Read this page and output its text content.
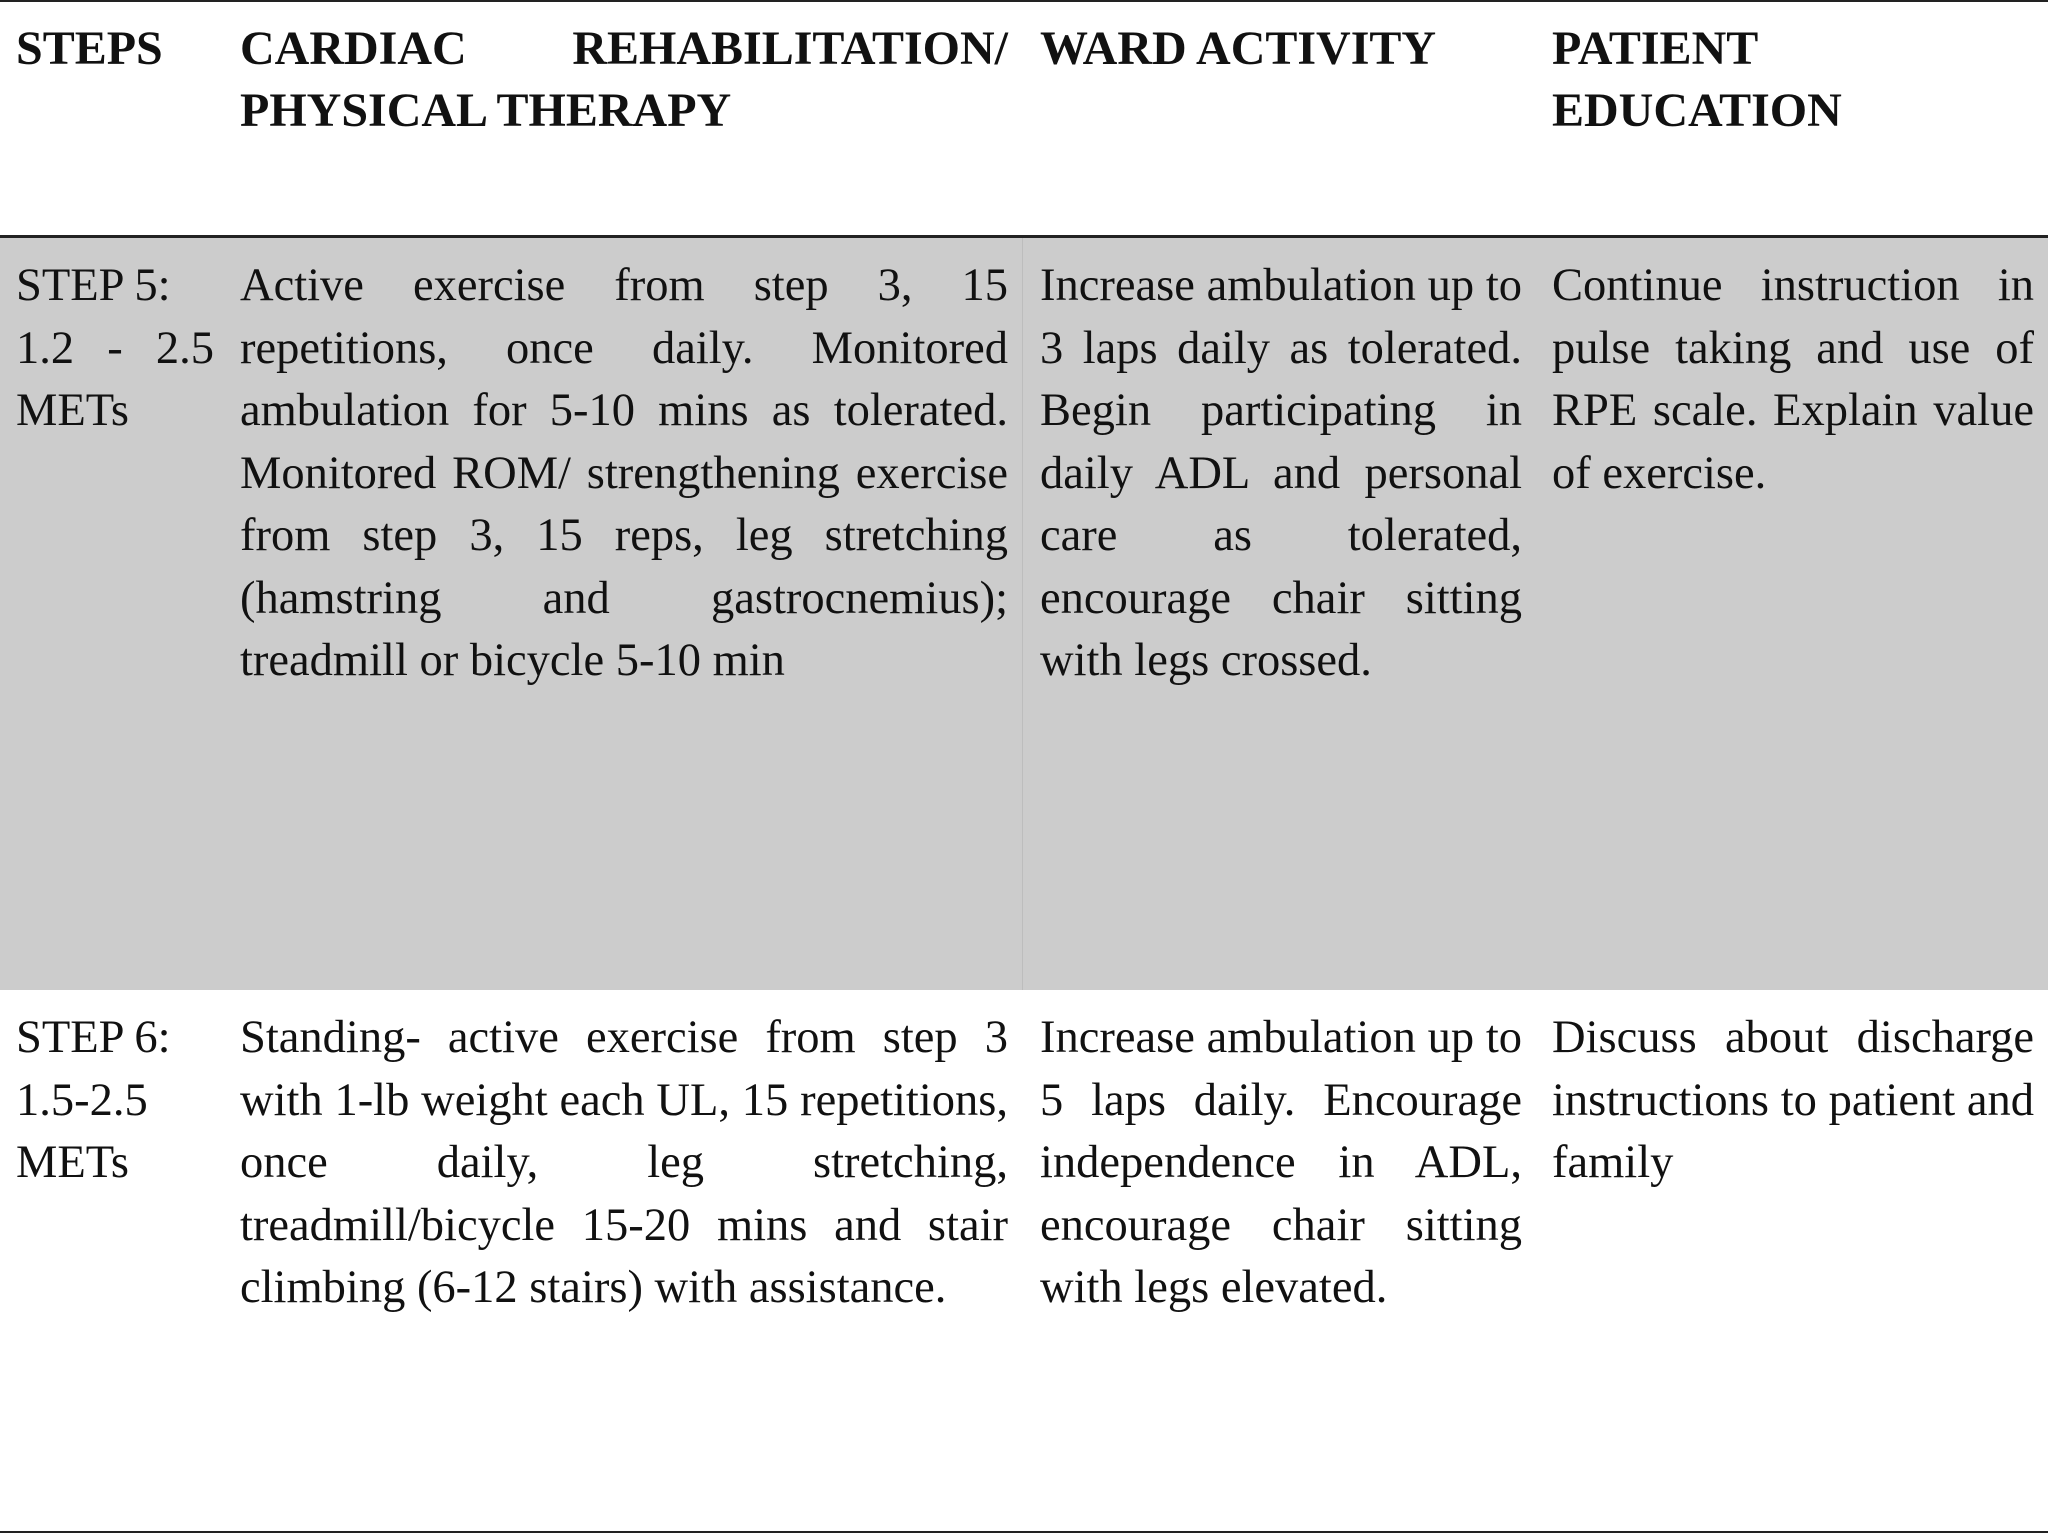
STEPS	CARDIAC REHABILITATION/ PHYSICAL THERAPY
WARD ACTIVITY	PATIENT EDUCATION
STEP 5:
1.2 - 2.5 METs
Active exercise from step 3, 15 repetitions, once daily. Monitored ambulation for 5-10 mins as tolerated. Monitored ROM/ strengthening exercise from step 3, 15 reps, leg stretching (hamstring and gastrocnemius); treadmill or bicycle 5-10 min
Increase ambulation up to 3 laps daily as tolerated. Begin participating in daily ADL and personal care as tolerated, encourage chair sitting with legs crossed.
Continue instruction in pulse taking and use of RPE scale. Explain value of exercise.
STEP 6:
1.5-2.5 METs
Standing- active exercise from step 3 with 1-lb weight each UL, 15 repetitions, once daily, leg stretching, treadmill/bicycle 15-20 mins and stair climbing (6-12 stairs) with assistance.
Increase ambulation up to 5 laps daily. Encourage independence in ADL, encourage chair sitting with legs elevated.
Discuss about discharge instructions to patient and family
